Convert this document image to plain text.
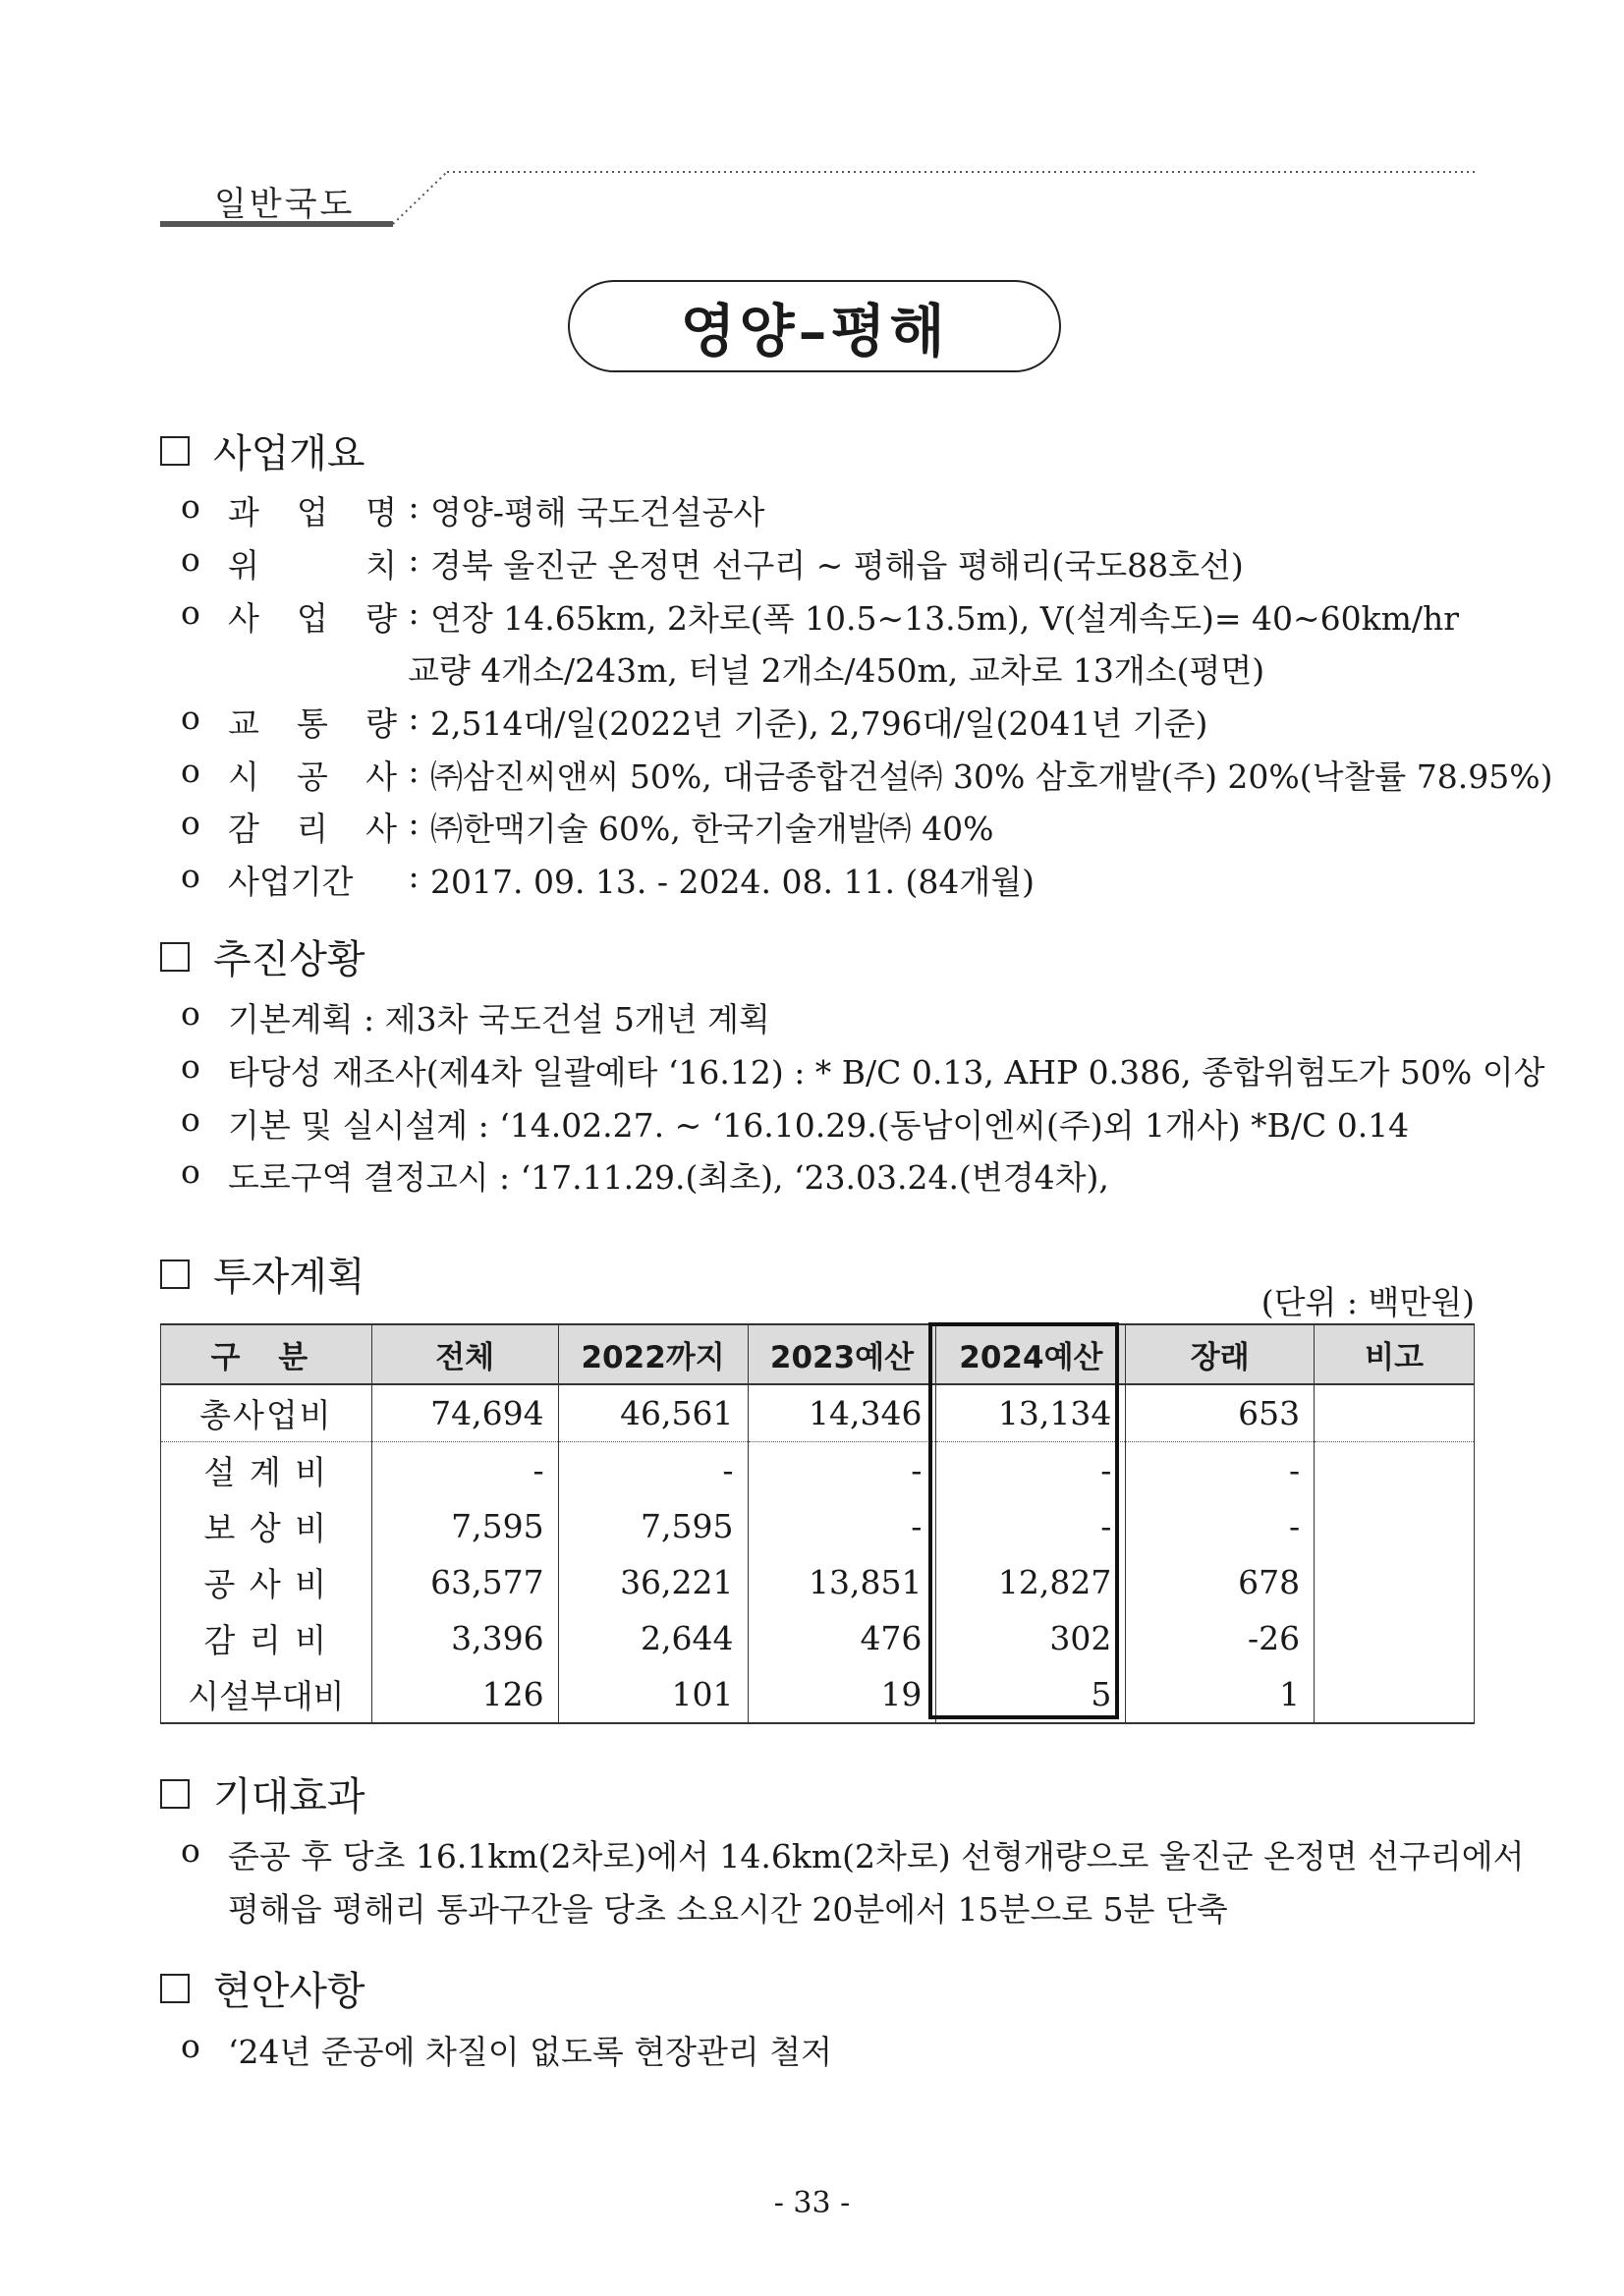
일반국도
영양–평해
사업개요
ο 과 업 명 : 영양-평해 국도건설공사
ο 위	치 : 경북 울진군 온정면 선구리 ~ 평해읍 평해리(국도88호선)
ο 사 업 량 : 연장 14.65km, 2차로(폭 10.5∼13.5m), V(설계속도)= 40~60km/hr
교량 4개소/243m, 터널 2개소/450m, 교차로 13개소(평면)
ο 교 통 량 : 2,514대/일(2022년 기준), 2,796대/일(2041년 기준)
ο 시 공 사 : ㈜삼진씨앤씨 50%, 대금종합건설㈜ 30% 삼호개발(주) 20%(낙찰률 78.95%)
ο 감 리 사 : ㈜한맥기술 60%, 한국기술개발㈜ 40%
ο 사업기간	: 2017. 09. 13. - 2024. 08. 11. (84개월)
추진상황
ο 기본계획 : 제3차 국도건설 5개년 계획
ο 타당성 재조사(제4차 일괄예타 ‘16.12) : * B/C 0.13, AHP 0.386, 종합위험도가 50% 이상
ο 기본 및 실시설계 : ‘14.02.27. ~ ‘16.10.29.(동남이엔씨(주)외 1개사) *B/C 0.14
ο 도로구역 결정고시 : ‘17.11.29.(최초), ‘23.03.24.(변경4차),
투자계획
(단위 : 백만원)
구 분	전체	2022까지	2023예산	2024예산	장래	비고
총사업비	74,694	46,561	14,346	13,134	653	
설 계 비	-	-	-	-	-	
보 상 비	7,595	7,595	-	-	-	
공 사 비	63,577	36,221	13,851	12,827	678	
감 리 비	3,396	2,644	476	302	-26	
시설부대비	126	101	19	5	1	
기대효과
ο 준공 후 당초 16.1km(2차로)에서 14.6km(2차로) 선형개량으로 울진군 온정면 선구리에서
평해읍 평해리 통과구간을 당초 소요시간 20분에서 15분으로 5분 단축
현안사항
ο ‘24년 준공에 차질이 없도록 현장관리 철저
- 33 -
